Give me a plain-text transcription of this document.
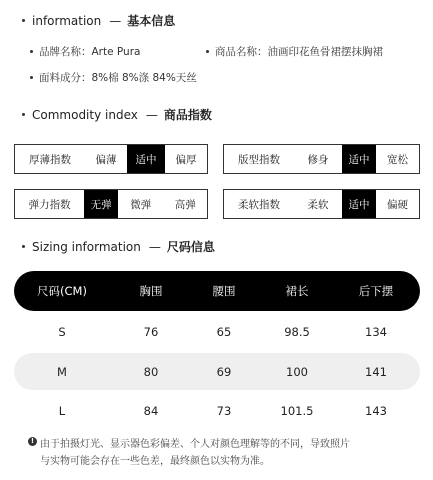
information — 基本信息
品牌名称：Arte Pura	商品名称：油画印花鱼骨裙摆抹胸裙
面料成分：8%棉 8%涤 84%天丝
Commodity index — 商品指数
厚薄指数	偏薄	适中	偏厚	版型指数	修身	适中	宽松
弹力指数	无弹	微弹	高弹	柔软指数	柔软	适中	偏硬
Sizing information — 尺码信息
尺码(CM)	胸围	腰围	裙长	后下摆
S	76	65	98.5	134
M	80	69	100	141
L	84	73	101.5	143
! 由于拍摄灯光、显示器色彩偏差、个人对颜色理解等的不同，导致照片
与实物可能会存在一些色差，最终颜色以实物为准。
